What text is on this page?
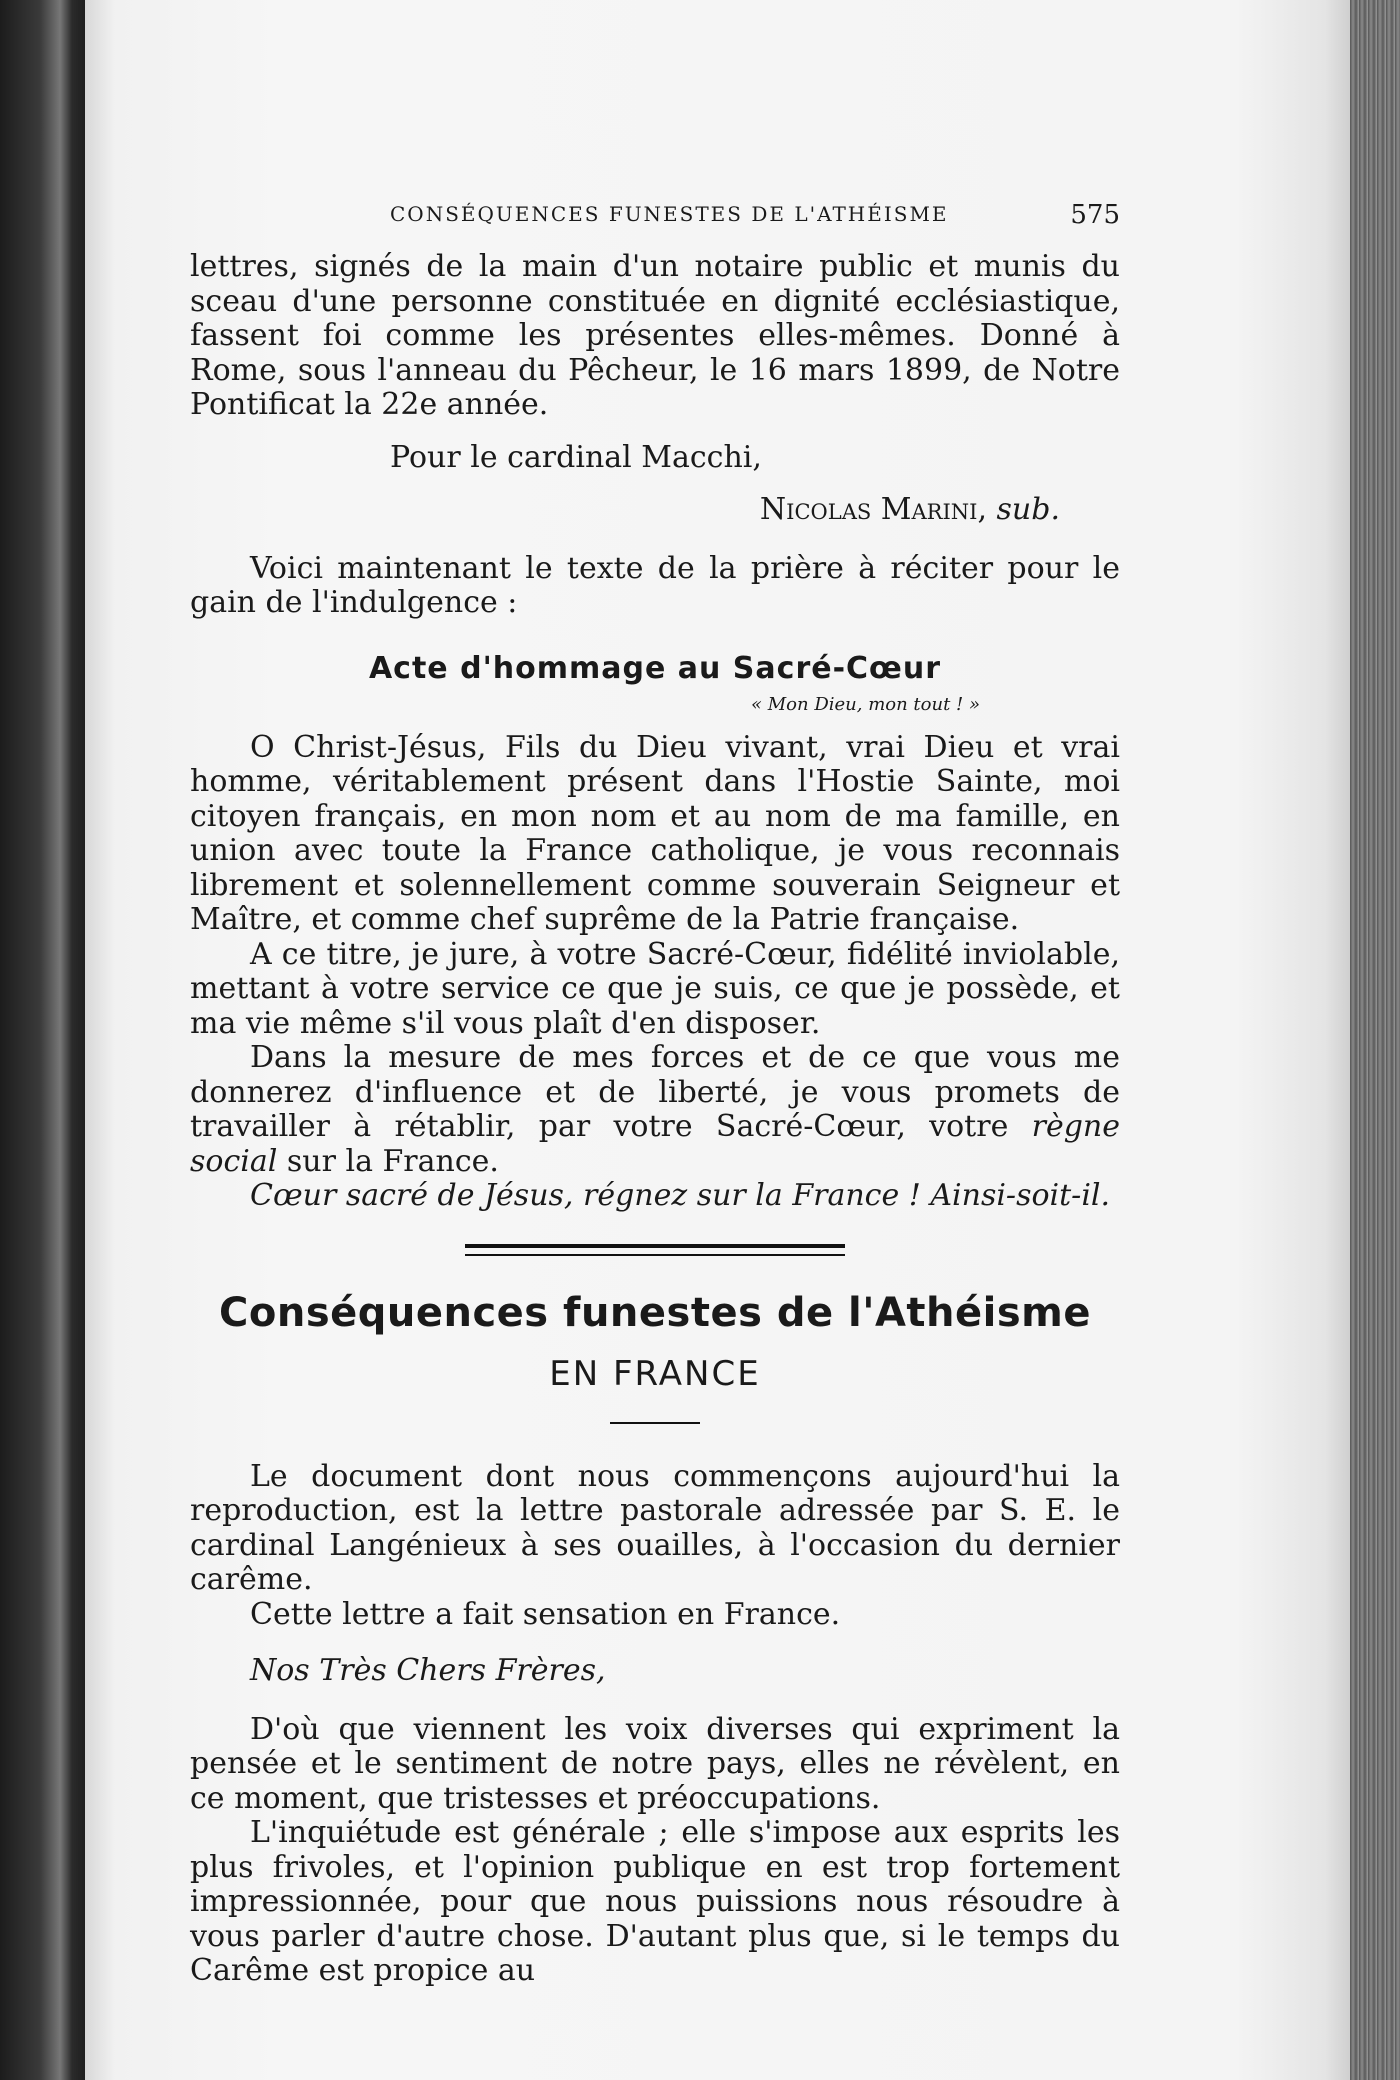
CONSÉQUENCES FUNESTES DE L'ATHÉISME	575

lettres, signés de la main d'un notaire public et munis du sceau d'une personne constituée en dignité ecclésiastique, fassent foi comme les présentes elles-mêmes. Donné à Rome, sous l'anneau du Pêcheur, le 16 mars 1899, de Notre Pontificat la 22e année.

Pour le cardinal Macchi,

Nicolas Marini, sub.

Voici maintenant le texte de la prière à réciter pour le gain de l'indulgence :

Acte d'hommage au Sacré-Cœur
« Mon Dieu, mon tout ! »

O Christ-Jésus, Fils du Dieu vivant, vrai Dieu et vrai homme, véritablement présent dans l'Hostie Sainte, moi citoyen français, en mon nom et au nom de ma famille, en union avec toute la France catholique, je vous reconnais librement et solennellement comme souverain Seigneur et Maître, et comme chef suprême de la Patrie française.

A ce titre, je jure, à votre Sacré-Cœur, fidélité inviolable, mettant à votre service ce que je suis, ce que je possède, et ma vie même s'il vous plaît d'en disposer.

Dans la mesure de mes forces et de ce que vous me donnerez d'influence et de liberté, je vous promets de travailler à rétablir, par votre Sacré-Cœur, votre règne social sur la France.

Cœur sacré de Jésus, régnez sur la France ! Ainsi-soit-il.

Conséquences funestes de l'Athéisme
EN FRANCE

Le document dont nous commençons aujourd'hui la reproduction, est la lettre pastorale adressée par S. E. le cardinal Langénieux à ses ouailles, à l'occasion du dernier carême.

Cette lettre a fait sensation en France.

Nos Très Chers Frères,

D'où que viennent les voix diverses qui expriment la pensée et le sentiment de notre pays, elles ne révèlent, en ce moment, que tristesses et préoccupations.

L'inquiétude est générale ; elle s'impose aux esprits les plus frivoles, et l'opinion publique en est trop fortement impressionnée, pour que nous puissions nous résoudre à vous parler d'autre chose. D'autant plus que, si le temps du Carême est propice au
